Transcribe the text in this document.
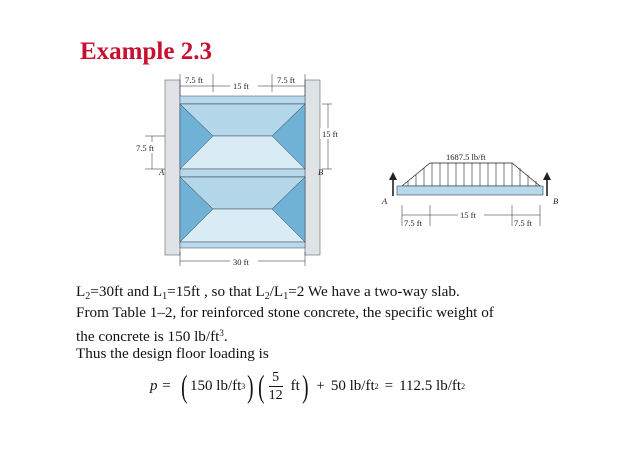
Example 2.3
7.5 ft
15 ft
7.5 ft
15 ft
7.5 ft
A	B
30 ft
1687.5 lb/ft
A	B
7.5 ft
15 ft
7.5 ft
$L_2=30ft$ and $L_1=15ft$ , so that $L_2/L_1=2$ We have a two-way slab.
From Table 1–2, for reinforced stone concrete, the specific weight of
the concrete is 150 $lb/ft^3$.
Thus the design floor loading is
p = ( 150 lb/ft 3 ) ( $\frac{5}{12}$ ft ) + 50 lb/ft 2 = 112.5 lb/ft 2
